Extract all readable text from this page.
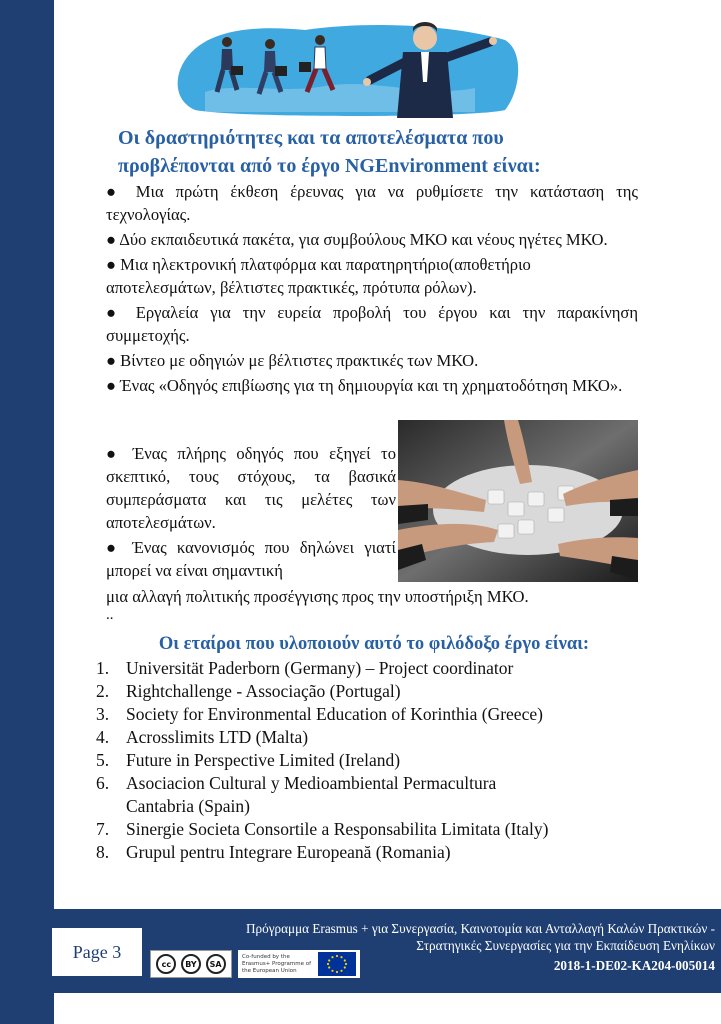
Οι δραστηριότητες και τα αποτελέσματα που
προβλέπονται από το έργο NGEnvironment είναι:

● Μια πρώτη έκθεση έρευνας για να ρυθμίσετε την κατάσταση της τεχνολογίας.

● Δύο εκπαιδευτικά πακέτα, για συμβούλους ΜΚΟ και νέους ηγέτες ΜΚΟ.

● Μια ηλεκτρονική πλατφόρμα και παρατηρητήριο(αποθετήριο αποτελεσμάτων, βέλτιστες πρακτικές, πρότυπα ρόλων).

● Εργαλεία για την ευρεία προβολή του έργου και την παρακίνηση συμμετοχής.

● Βίντεο με οδηγιών με βέλτιστες πρακτικές των ΜΚΟ.

● Ένας «Οδηγός επιβίωσης για τη δημιουργία και τη χρηματοδότηση ΜΚΟ».

● Ένας πλήρης οδηγός που εξηγεί το σκεπτικό, τους στόχους, τα βασικά συμπεράσματα και τις μελέτες των αποτελεσμάτων.

● Ένας κανονισμός που δηλώνει γιατί μπορεί να είναι σημαντική

μια αλλαγή πολιτικής προσέγγισης προς την υποστήριξη ΜΚΟ.
..
Οι εταίροι που υλοποιούν αυτό το φιλόδοξο έργο είναι:
1. Universität Paderborn (Germany) – Project coordinator
2. Rightchallenge - Associação (Portugal)
3. Society for Environmental Education of Korinthia (Greece)
4. Acrosslimits LTD (Malta)
5. Future in Perspective Limited (Ireland)
6. Asociacion Cultural y Medioambiental Permacultura Cantabria (Spain)
7. Sinergie Societa Consortile a Responsabilita Limitata (Italy)
8. Grupul pentru Integrare Europeană (Romania)
Page 3
cc	BY	SA
Co-funded by the Erasmus+ Programme of the European Union
Πρόγραμμα Erasmus + για Συνεργασία, Καινοτομία και Ανταλλαγή Καλών Πρακτικών -
Στρατηγικές Συνεργασίες για την Εκπαίδευση Ενηλίκων
2018-1-DE02-KA204-005014
